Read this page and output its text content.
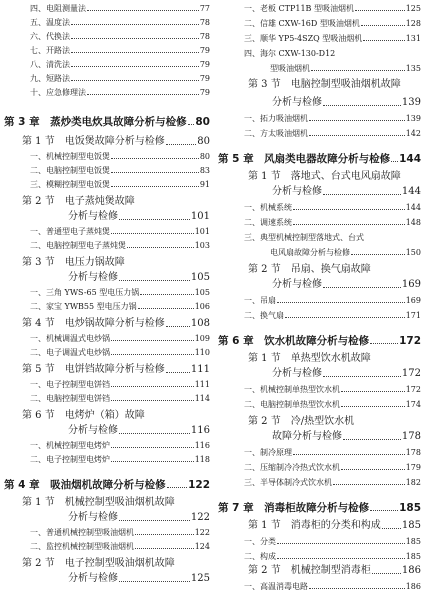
四、电阻测量法	77
五、温度法	78
六、代换法	78
七、开路法	79
八、清洗法	79
九、短路法	79
十、应急修理法	79
第 3 章　蒸炒类电炊具故障分析与检修 80
第 1 节　电饭煲故障分析与检修	80
一、机械控制型电饭煲	80
二、电脑控制型电饭煲	83
三、模糊控制型电饭煲	91
第 2 节　电子蒸炖煲故障
分析与检修	101
一、普通型电子蒸炖煲	101
二、电脑控制型电子蒸炖煲	103
第 3 节　电压力锅故障
分析与检修	105
一、三角 YWS-65 型电压力锅	105
二、家宝 YWB55 型电压力锅	106
第 4 节　电炒锅故障分析与检修	108
一、机械调温式电炒锅	109
二、电子调温式电炒锅	110
第 5 节　电饼铛故障分析与检修	111
一、电子控制型电饼铛	111
二、电脑控制型电饼铛	114
第 6 节　电烤炉（箱）故障
分析与检修	116
一、机械控制型电烤炉	116
二、电子控制型电烤炉	118
第 4 章　吸油烟机故障分析与检修 122
第 1 节　机械控制型吸油烟机故障
分析与检修	122
一、普通机械控制型吸油烟机	122
二、监控机械控制型吸油烟机	124
第 2 节　电子控制型吸油烟机故障
分析与检修	125
一、老板 CTP11B 型吸油烟机	125
二、信雄 CXW-16D 型吸油烟机	128
三、顺华 YP5-4SZQ 型吸油烟机	131
四、海尔 CXW-130-D12
型吸油烟机	135
第 3 节　电脑控制型吸油烟机故障
分析与检修	139
一、拓力吸油烟机	139
二、方太吸油烟机	142
第 5 章　风扇类电器故障分析与检修 144
第 1 节　落地式、台式电风扇故障
分析与检修	144
一、机械系统	144
二、调速系统	148
三、典型机械控制型落地式、台式
电风扇故障分析与检修	150
第 2 节　吊扇、换气扇故障
分析与检修	169
一、吊扇	169
二、换气扇	171
第 6 章　饮水机故障分析与检修	172
第 1 节　单热型饮水机故障
分析与检修	172
一、机械控制单热型饮水机	172
二、电脑控制单热型饮水机	174
第 2 节　冷/热型饮水机
故障分析与检修	178
一、制冷原理	178
二、压缩制冷冷热式饮水机	179
三、半导体制冷式饮水机	182
第 7 章　消毒柜故障分析与检修	185
第 1 节　消毒柜的分类和构成 185
一、分类	185
二、构成	185
第 2 节　机械控制型消毒柜	186
一、高温消毒电路	186
